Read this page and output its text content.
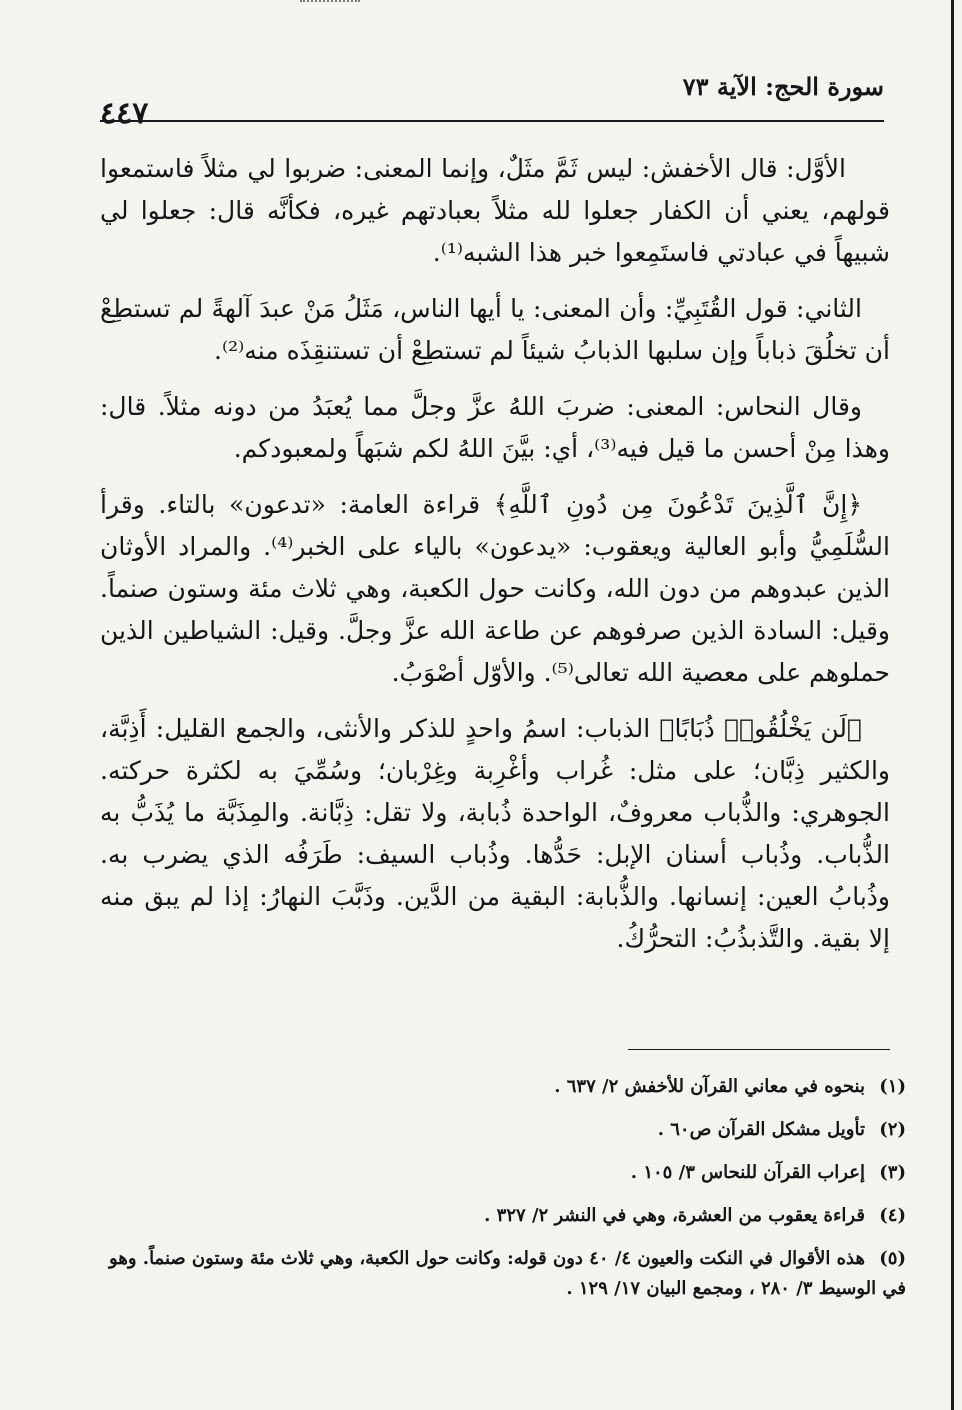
٤٤٧
سورة الحج: الآية ٧٣

الأوَّل: قال الأخفش: ليس ثَمَّ مثَلٌ، وإنما المعنى: ضربوا لي مثلاً فاستمعوا قولهم، يعني أن الكفار جعلوا لله مثلاً بعبادتهم غيره، فكأنَّه قال: جعلوا لي شبيهاً في عبادتي فاستَمِعوا خبر هذا الشبه⁽¹⁾.

الثاني: قول القُتَبِيِّ: وأن المعنى: يا أيها الناس، مَثَلُ مَنْ عبدَ آلهةً لم تستطِعْ أن تخلُقَ ذباباً وإن سلبها الذبابُ شيئاً لم تستطِعْ أن تستنقِذَه منه⁽²⁾.

وقال النحاس: المعنى: ضربَ اللهُ عزَّ وجلَّ مما يُعبَدُ من دونه مثلاً. قال: وهذا مِنْ أحسن ما قيل فيه⁽³⁾، أي: بيَّنَ اللهُ لكم شبَهاً ولمعبودكم.

﴿إِنَّ ٱلَّذِينَ تَدْعُونَ مِن دُونِ ٱللَّهِ﴾ قراءة العامة: «تدعون» بالتاء. وقرأ السُّلَمِيُّ وأبو العالية ويعقوب: «يدعون» بالياء على الخبر⁽⁴⁾. والمراد الأوثان الذين عبدوهم من دون الله، وكانت حول الكعبة، وهي ثلاث مئة وستون صنماً. وقيل: السادة الذين صرفوهم عن طاعة الله عزَّ وجلَّ. وقيل: الشياطين الذين حملوهم على معصية الله تعالى⁽⁵⁾. والأوّل أصْوَبُ.

﴿لَن يَخْلُقُوا۟ ذُبَابًا﴾ الذباب: اسمُ واحدٍ للذكر والأنثى، والجمع القليل: أَذِبَّة، والكثير ذِبَّان؛ على مثل: غُراب وأغْرِبة وغِرْبان؛ وسُمِّيَ به لكثرة حركته. الجوهري: والذُّباب معروفٌ، الواحدة ذُبابة، ولا تقل: ذِبَّانة. والمِذَبَّة ما يُذَبُّ به الذُّباب. وذُباب أسنان الإبل: حَدُّها. وذُباب السيف: طَرَفُه الذي يضرب به. وذُبابُ العين: إنسانها. والذُّبابة: البقية من الدَّين. وذَبَّبَ النهارُ: إذا لم يبق منه إلا بقية. والتَّذبذُبُ: التحرُّكُ.

(١) بنحوه في معاني القرآن للأخفش ٢/ ٦٣٧ .
(٢) تأويل مشكل القرآن ص٦٠ .
(٣) إعراب القرآن للنحاس ٣/ ١٠٥ .
(٤) قراءة يعقوب من العشرة، وهي في النشر ٢/ ٣٢٧ .
(٥) هذه الأقوال في النكت والعيون ٤/ ٤٠ دون قوله: وكانت حول الكعبة، وهي ثلاث مئة وستون صنماً. وهو في الوسيط ٣/ ٢٨٠ ، ومجمع البيان ١٧/ ١٢٩ .
